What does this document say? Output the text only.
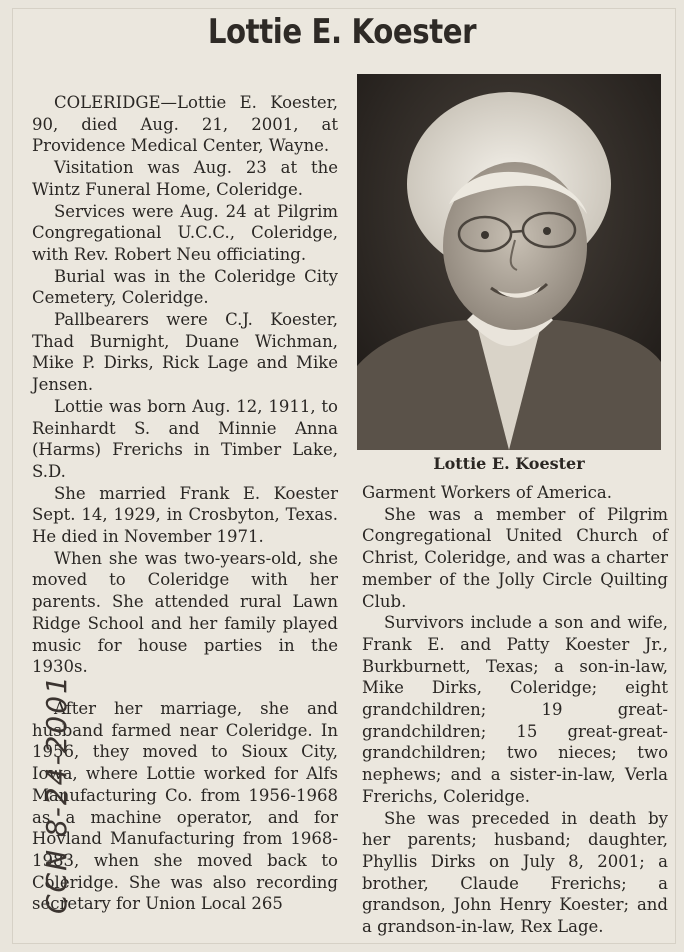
Lottie E. Koester

COLERIDGE—Lottie E. Koester, 90, died Aug. 21, 2001, at Providence Medical Center, Wayne.

Visitation was Aug. 23 at the Wintz Funeral Home, Coleridge.

Services were Aug. 24 at Pilgrim Congregational U.C.C., Coleridge, with Rev. Robert Neu officiating.

Burial was in the Coleridge City Cemetery, Coleridge.

Pallbearers were C.J. Koester, Thad Burnight, Duane Wichman, Mike P. Dirks, Rick Lage and Mike Jensen.

Lottie was born Aug. 12, 1911, to Reinhardt S. and Minnie Anna (Harms) Frerichs in Timber Lake, S.D.

She married Frank E. Koester Sept. 14, 1929, in Crosbyton, Texas. He died in November 1971.

When she was two-years-old, she moved to Coleridge with her parents. She attended rural Lawn Ridge School and her family played music for house parties in the 1930s.

After her marriage, she and husband farmed near Coleridge. In 1956, they moved to Sioux City, Iowa, where Lottie worked for Alfs Manufacturing Co. from 1956-1968 as a machine operator, and for Hovland Manufacturing from 1968-1983, when she moved back to Coleridge. She was also recording secretary for Union Local 265

Lottie E. Koester

Garment Workers of America.

She was a member of Pilgrim Congregational United Church of Christ, Coleridge, and was a charter member of the Jolly Circle Quilting Club.

Survivors include a son and wife, Frank E. and Patty Koester Jr., Burkburnett, Texas; a son-in-law, Mike Dirks, Coleridge; eight grandchildren; 19 great-grandchildren; 15 great-great-grandchildren; two nieces; two nephews; and a sister-in-law, Verla Frerichs, Coleridge.

She was preceded in death by her parents; husband; daughter, Phyllis Dirks on July 8, 2001; a brother, Claude Frerichs; a grandson, John Henry Koester; and a grandson-in-law, Rex Lage.

CCN 8-24-2001
